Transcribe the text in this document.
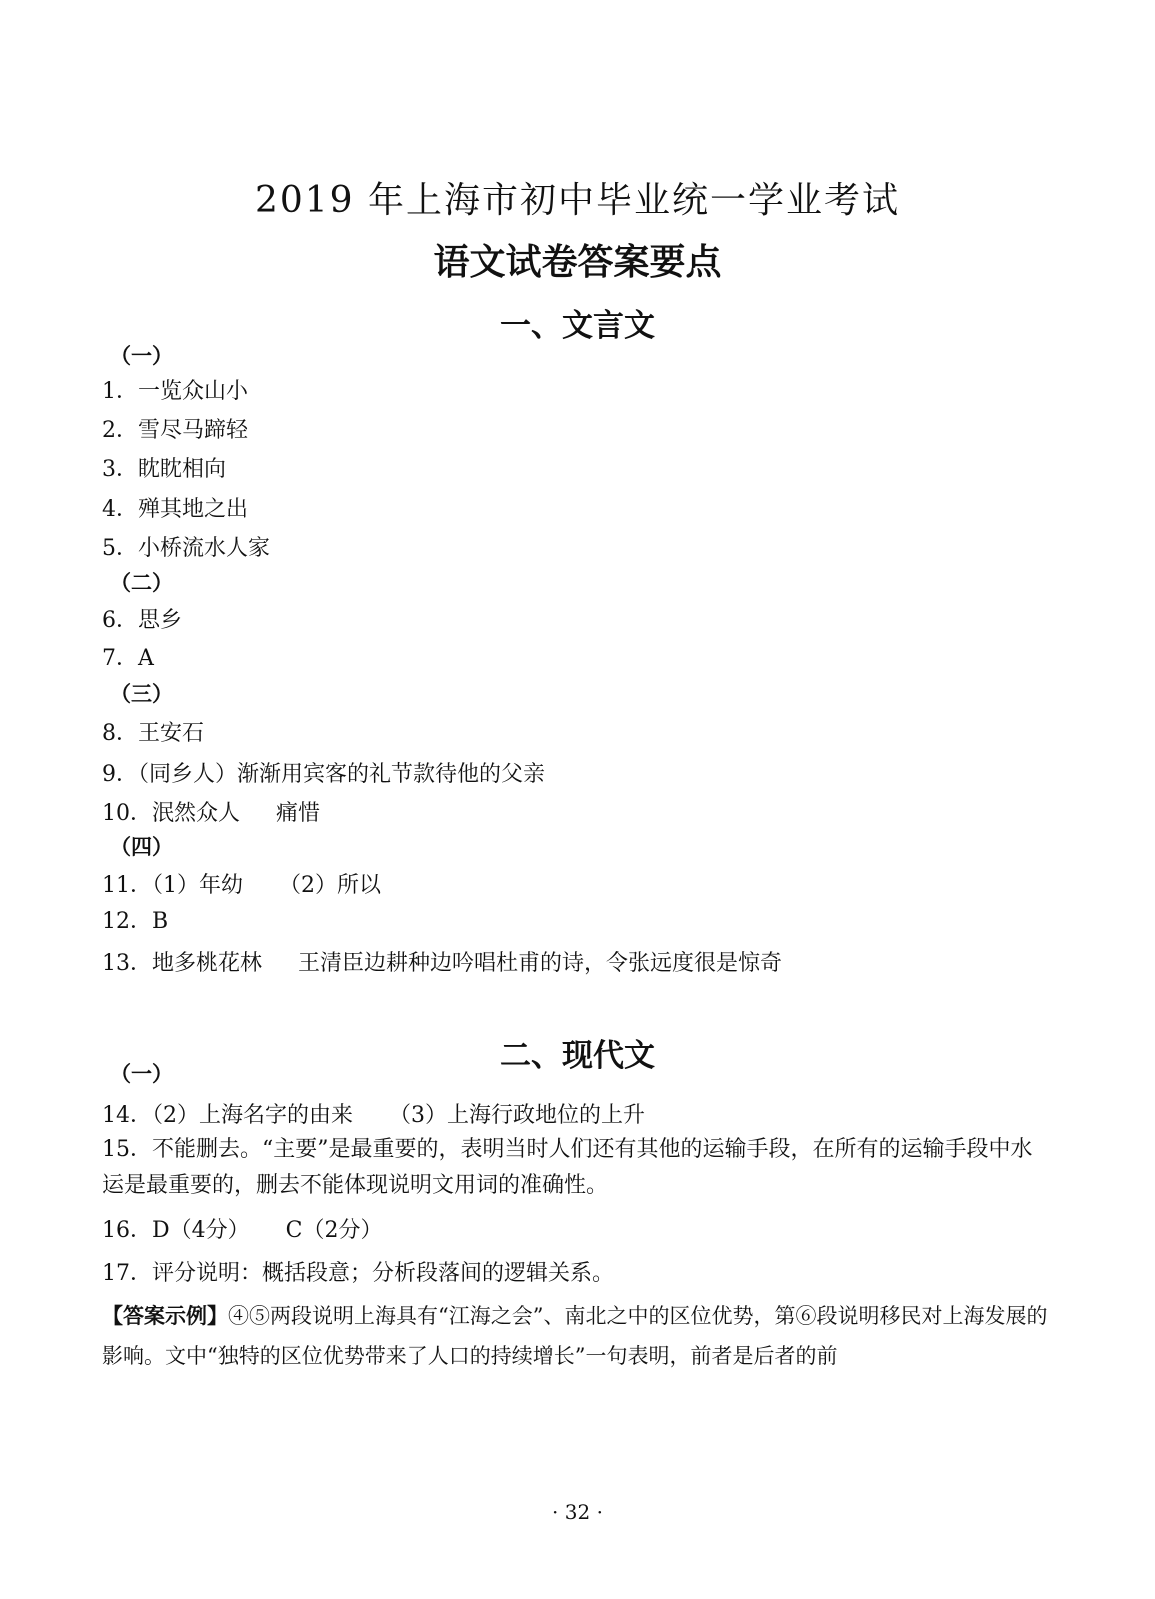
2019 年上海市初中毕业统一学业考试
语文试卷答案要点
一、文言文
（一）
1．一览众山小
2．雪尽马蹄轻
3．眈眈相向
4．殚其地之出
5．小桥流水人家
（二）
6．思乡
7．A
（三）
8．王安石
9．（同乡人）渐渐用宾客的礼节款待他的父亲
10．泯然众人 痛惜
（四）
11．（1）年幼 （2）所以
12．B
13．地多桃花林 王清臣边耕种边吟唱杜甫的诗，令张远度很是惊奇
二、现代文
（一）
14．（2）上海名字的由来 （3）上海行政地位的上升
15．不能删去。“主要”是最重要的，表明当时人们还有其他的运输手段，在所有的运输手段中水运是最重要的，删去不能体现说明文用词的准确性。
16．D（4分） C（2分）
17．评分说明：概括段意；分析段落间的逻辑关系。
【答案示例】④⑤两段说明上海具有“江海之会”、南北之中的区位优势，第⑥段说明移民对上海发展的影响。文中“独特的区位优势带来了人口的持续增长”一句表明，前者是后者的前
· 32 ·
